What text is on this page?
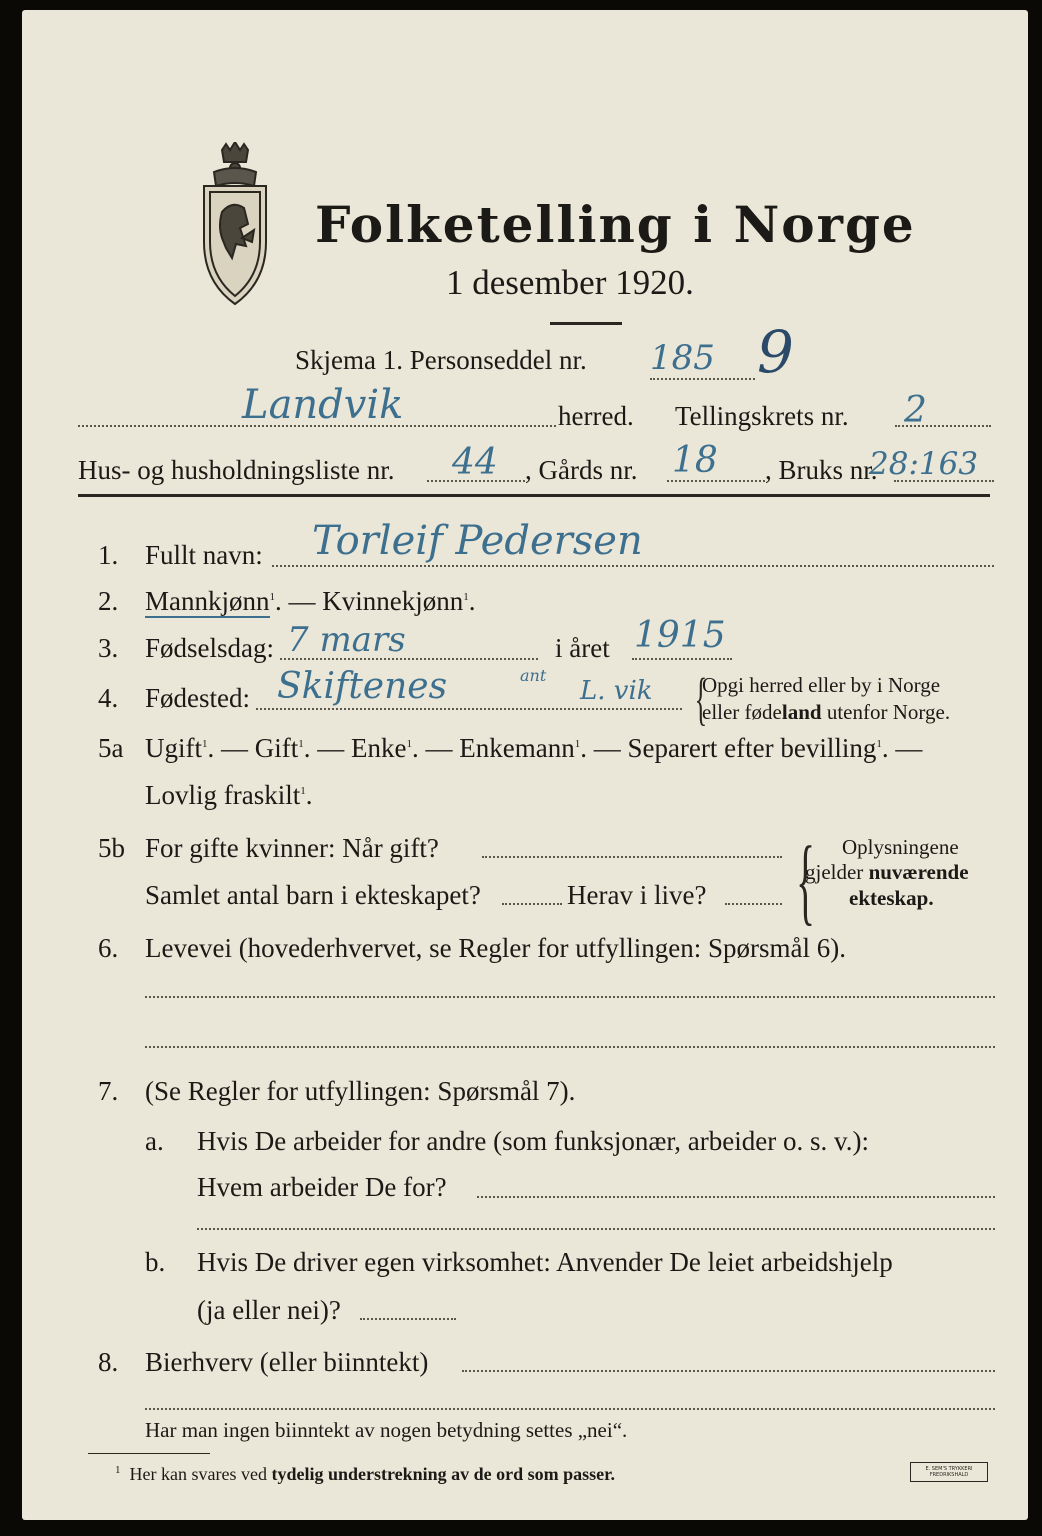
Folketelling i Norge
1 desember 1920.
Skjema 1. Personseddel nr. 185 9
Landvik	herred. Tellingskrets nr. 2
Hus- og husholdningsliste nr. 44 , Gårds nr. 18 , Bruks nr.
28:163
1. Fullt navn: Torleif Pedersen
2. Mannkjønn$^1$. — Kvinnekjønn$^1$.
3. Fødselsdag: 7 mars	i året 1915
4. Fødested: Skiftenes	ant
L. vik {
Opgi herred eller by i Norge
eller fødeland utenfor Norge.
5a Ugift$^1$. — Gift$^1$. — Enke$^1$. — Enkemann$^1$. — Separert efter bevilling$^1$. —
Lovlig fraskilt$^1$.
5b For gifte kvinner: Når gift?
Samlet antal barn i ekteskapet?	Herav i live? { Oplysningene
gjelder nuværende
ekteskap.
6. Levevei (hovederhvervet, se Regler for utfyllingen: Spørsmål 6).
7. (Se Regler for utfyllingen: Spørsmål 7).
a. Hvis De arbeider for andre (som funksjonær, arbeider o. s. v.):
Hvem arbeider De for?
b. Hvis De driver egen virksomhet: Anvender De leiet arbeidshjelp
(ja eller nei)?
8. Bierhverv (eller biinntekt)
Har man ingen biinntekt av nogen betydning settes „nei“.
$^1$ Her kan svares ved tydelig understrekning av de ord som passer.	E. SEM'S TRYKKERI FREDRIKSHALD
